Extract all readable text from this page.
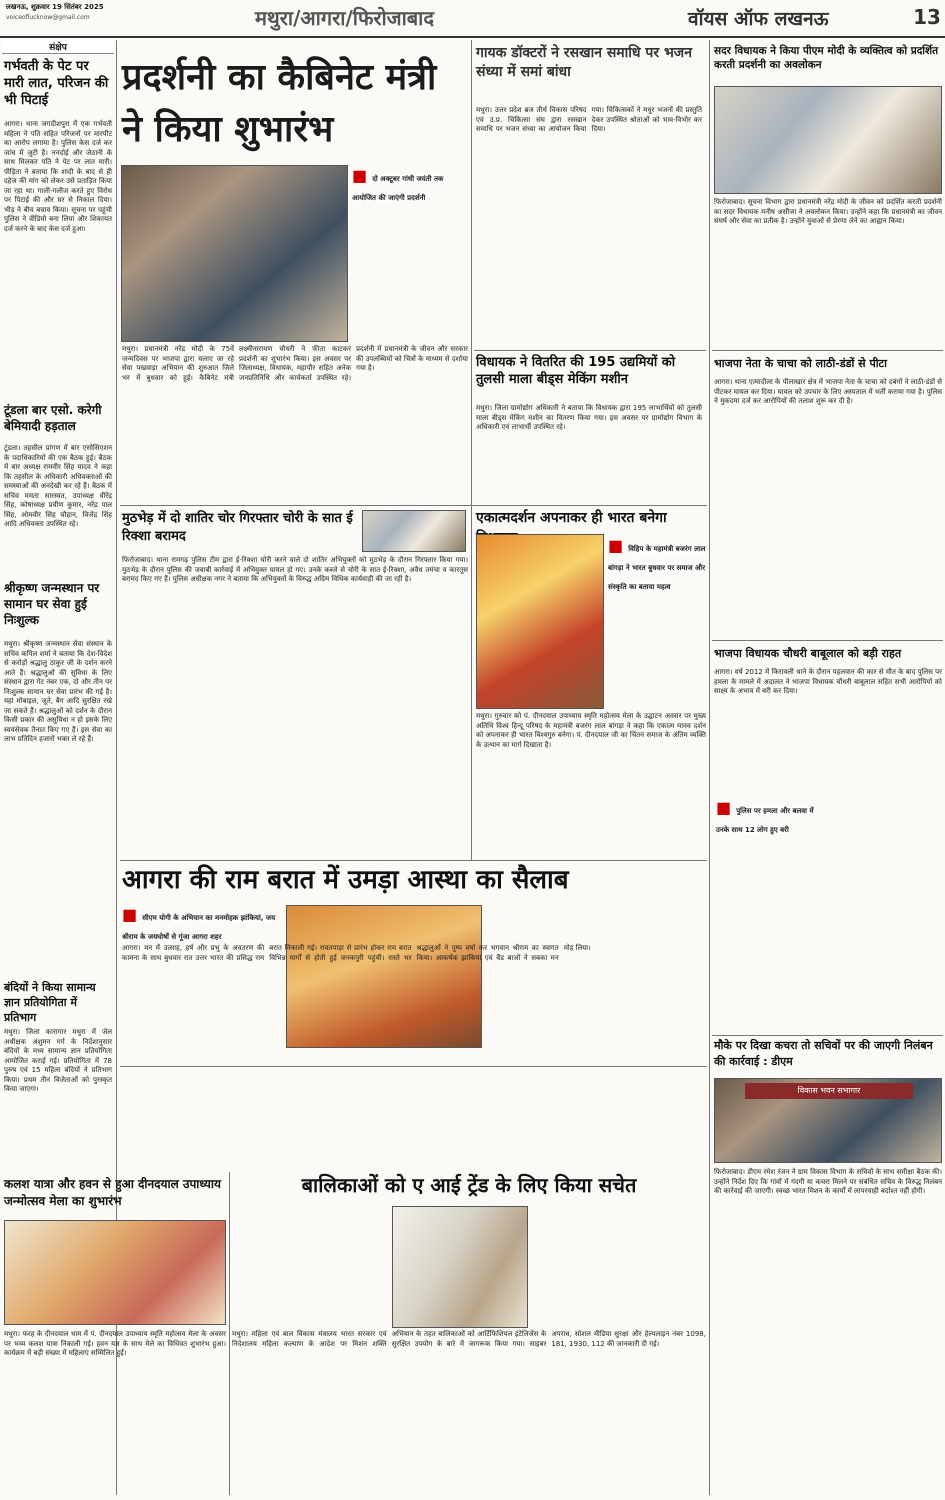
लखनऊ, शुक्रवार 19 सितंबर 2025
voiceoflucknow@gmail.com	मथुरा/आगरा/फिरोजाबाद	वॉयस ऑफ लखनऊ	13
संक्षेप
गर्भवती के पेट पर मारी लात, परिजन की भी पिटाई
आगरा। थाना जगदीशपुरा में एक गर्भवती महिला ने पति सहित परिजनों पर मारपीट का आरोप लगाया है। पुलिस केस दर्ज कर जांच में जुटी है। ननदोई और जेठानी के साथ मिलकर पति ने पेट पर लात मारी। पीड़िता ने बताया कि शादी के बाद से ही दहेज की मांग को लेकर उसे प्रताड़ित किया जा रहा था। गाली-गलौज करते हुए विरोध पर पिटाई की और घर से निकाल दिया। भीड़ ने बीच बचाव किया। सूचना पर पहुंची पुलिस ने वीडियो बना लिया और शिकायत दर्ज करने के बाद केस दर्ज हुआ।
टूंडला बार एसो. करेगी बेमियादी हड़ताल
टूंडला। तहसील प्रांगण में बार एसोसिएशन के पदाधिकारियों की एक बैठक हुई। बैठक में बार अध्यक्ष रामवीर सिंह यादव ने कहा कि तहसील के अधिकारी अधिवक्ताओं की समस्याओं की अनदेखी कर रहे हैं। बैठक में सचिव ममता सारस्वत, उपाध्यक्ष वीरेंद्र सिंह, कोषाध्यक्ष प्रवीण कुमार, नरेंद्र पाल सिंह, ओमवीर सिंह चौहान, विजेंद्र सिंह आदि अधिवक्ता उपस्थित रहे।
श्रीकृष्ण जन्मस्थान पर सामान घर सेवा हुई निःशुल्क
मथुरा। श्रीकृष्ण जन्मस्थान सेवा संस्थान के सचिव कपिल शर्मा ने बताया कि देश-विदेश से करोड़ों श्रद्धालु ठाकुर जी के दर्शन करने आते हैं। श्रद्धालुओं की सुविधा के लिए संस्थान द्वारा गेट नंबर एक, दो और तीन पर निःशुल्क सामान घर सेवा प्रारंभ की गई है। यहां मोबाइल, जूते, बैग आदि सुरक्षित रखे जा सकते हैं। श्रद्धालुओं को दर्शन के दौरान किसी प्रकार की असुविधा न हो इसके लिए स्वयंसेवक तैनात किए गए हैं। इस सेवा का लाभ प्रतिदिन हजारों भक्त ले रहे हैं।
बंदियों ने किया सामान्य ज्ञान प्रतियोगिता में प्रतिभाग
मथुरा। जिला कारागार मथुरा में जेल अधीक्षक अंशुमन गर्ग के निर्देशानुसार बंदियों के मध्य सामान्य ज्ञान प्रतियोगिता आयोजित कराई गई। प्रतियोगिता में 78 पुरुष एवं 15 महिला बंदियों ने प्रतिभाग किया। प्रथम तीन विजेताओं को पुरस्कृत किया जाएगा।
प्रदर्शनी का कैबिनेट मंत्री ने किया शुभारंभ
■ दो अक्टूबर गांधी जयंती तक आयोजित की जाएंगी प्रदर्शनी
मथुरा। प्रधानमंत्री नरेंद्र मोदी के 75वें जन्मदिवस पर भाजपा द्वारा चलाए जा रहे सेवा पखवाड़ा अभियान की शुरुआत जिले भर में बुधवार को हुई। कैबिनेट मंत्री लक्ष्मीनारायण चौधरी ने फीता काटकर प्रदर्शनी का शुभारंभ किया। इस अवसर पर जिलाध्यक्ष, विधायक, महापौर सहित अनेक जनप्रतिनिधि और कार्यकर्ता उपस्थित रहे। प्रदर्शनी में प्रधानमंत्री के जीवन और सरकार की उपलब्धियों को चित्रों के माध्यम से दर्शाया गया है।
गायक डॉक्टरों ने रसखान समाधि पर भजन संध्या में समां बांधा
मथुरा। उत्तर प्रदेश ब्रज तीर्थ विकास परिषद एवं उ.प्र. चिकित्सा संघ द्वारा रसखान समाधि पर भजन संध्या का आयोजन किया गया। चिकित्सकों ने मधुर भजनों की प्रस्तुति देकर उपस्थित श्रोताओं को भाव-विभोर कर दिया।
विधायक ने वितरित की 195 उद्यमियों को तुलसी माला बीड्स मेकिंग मशीन
मथुरा। जिला ग्रामोद्योग अधिकारी ने बताया कि विधायक द्वारा 195 लाभार्थियों को तुलसी माला बीड्स मेकिंग मशीन का वितरण किया गया। इस अवसर पर ग्रामोद्योग विभाग के अधिकारी एवं लाभार्थी उपस्थित रहे।
मुठभेड़ में दो शातिर चोर गिरफ्तार चोरी के सात ई रिक्शा बरामद
फिरोजाबाद। थाना रामगढ़ पुलिस टीम द्वारा ई-रिक्शा चोरी करने वाले दो शातिर अभियुक्तों को मुठभेड़ के दौरान गिरफ्तार किया गया। मुठभेड़ के दौरान पुलिस की जवाबी कार्रवाई में अभियुक्त घायल हो गए। उनके कब्जे से चोरी के सात ई-रिक्शा, अवैध तमंचा व कारतूस बरामद किए गए हैं। पुलिस अधीक्षक नगर ने बताया कि अभियुक्तों के विरुद्ध अग्रिम विधिक कार्यवाही की जा रही है।
एकात्मदर्शन अपनाकर ही भारत बनेगा
■ विहिप के महामंत्री बजरंग लाल बांगड़ा ने भारत बुधवार पर समाज और संस्कृति का बताया महत्व
मथुरा। गुरुवार को पं. दीनदयाल उपाध्याय स्मृति महोत्सव मेला के उद्घाटन अवसर पर मुख्य अतिथि विश्व हिन्दू परिषद के महामंत्री बजरंग लाल बांगड़ा ने कहा कि एकात्म मानव दर्शन को अपनाकर ही भारत विश्वगुरु बनेगा। पं. दीनदयाल जी का चिंतन समाज के अंतिम व्यक्ति के उत्थान का मार्ग दिखाता है।
आगरा की राम बरात में उमड़ा आस्था का सैलाब
■ सीएम योगी के अभियान का मनमोहक झांकियां, जय श्रीराम के जयघोषों से गूंजा आगरा शहर
आगरा। मन में उत्साह, हर्ष और प्रभु के अवतरण की कामना के साथ बुधवार रात उत्तर भारत की प्रसिद्ध राम बरात निकाली गई। रावतपाड़ा से प्रारंभ होकर राम बरात विभिन्न मार्गों से होती हुई जनकपुरी पहुंची। रास्ते भर श्रद्धालुओं ने पुष्प वर्षा कर भगवान श्रीराम का स्वागत किया। आकर्षक झांकियां एवं बैंड बाजों ने सबका मन मोह लिया।
कलश यात्रा और हवन से हुआ दीनदयाल उपाध्याय जन्मोत्सव मेला का शुभारंभ
मथुरा। फरह के दीनदयाल धाम में पं. दीनदयाल उपाध्याय स्मृति महोत्सव मेला के अवसर पर भव्य कलश यात्रा निकाली गई। हवन यज्ञ के साथ मेले का विधिवत शुभारंभ हुआ। कार्यक्रम में बड़ी संख्या में महिलाएं सम्मिलित हुईं।
बालिकाओं को ए आई ट्रेंड के लिए किया सचेत
मथुरा। महिला एवं बाल विकास मंत्रालय भारत सरकार एवं निदेशालय महिला कल्याण के आदेश पर मिशन शक्ति अभियान के तहत बालिकाओं को आर्टिफिशियल इंटेलिजेंस के सुरक्षित उपयोग के बारे में जागरूक किया गया। साइबर अपराध, सोशल मीडिया सुरक्षा और हेल्पलाइन नंबर 1098, 181, 1930, 112 की जानकारी दी गई।
सदर विधायक ने किया पीएम मोदी के व्यक्तित्व को प्रदर्शित करती प्रदर्शनी का अवलोकन
फिरोजाबाद। सूचना विभाग द्वारा प्रधानमंत्री नरेंद्र मोदी के जीवन को प्रदर्शित करती प्रदर्शनी का सदर विधायक मनीष असीजा ने अवलोकन किया। उन्होंने कहा कि प्रधानमंत्री का जीवन संघर्ष और सेवा का प्रतीक है। उन्होंने युवाओं से प्रेरणा लेने का आह्वान किया।
भाजपा नेता के चाचा को लाठी-डंडों से पीटा
आगरा। थाना एत्मादौला के पीलाखार क्षेत्र में भाजपा नेता के चाचा को दबंगों ने लाठी-डंडों से पीटकर घायल कर दिया। घायल को उपचार के लिए अस्पताल में भर्ती कराया गया है। पुलिस ने मुकदमा दर्ज कर आरोपियों की तलाश शुरू कर दी है।
भाजपा विधायक चौधरी बाबूलाल को बड़ी राहत
आगरा। वर्ष 2012 में किरावली थाने के दौरान पहलवान की कार से मौत के बाद पुलिस पर हमला के मामले में अदालत ने भाजपा विधायक चौधरी बाबूलाल सहित सभी आरोपियों को साक्ष्य के अभाव में बरी कर दिया।
■ पुलिस पर हमला और बलवा में उनके साथ 12 लोग हुए बरी
मौके पर दिखा कचरा तो सचिवों पर की जाएगी निलंबन की कार्रवाई : डीएम
विकास भवन सभागार
फिरोजाबाद। डीएम रमेश रंजन ने ग्राम विकास विभाग के सचिवों के साथ समीक्षा बैठक की। उन्होंने निर्देश दिए कि गांवों में गंदगी या कचरा मिलने पर संबंधित सचिव के विरुद्ध निलंबन की कार्रवाई की जाएगी। स्वच्छ भारत मिशन के कार्यों में लापरवाही बर्दाश्त नहीं होगी।
